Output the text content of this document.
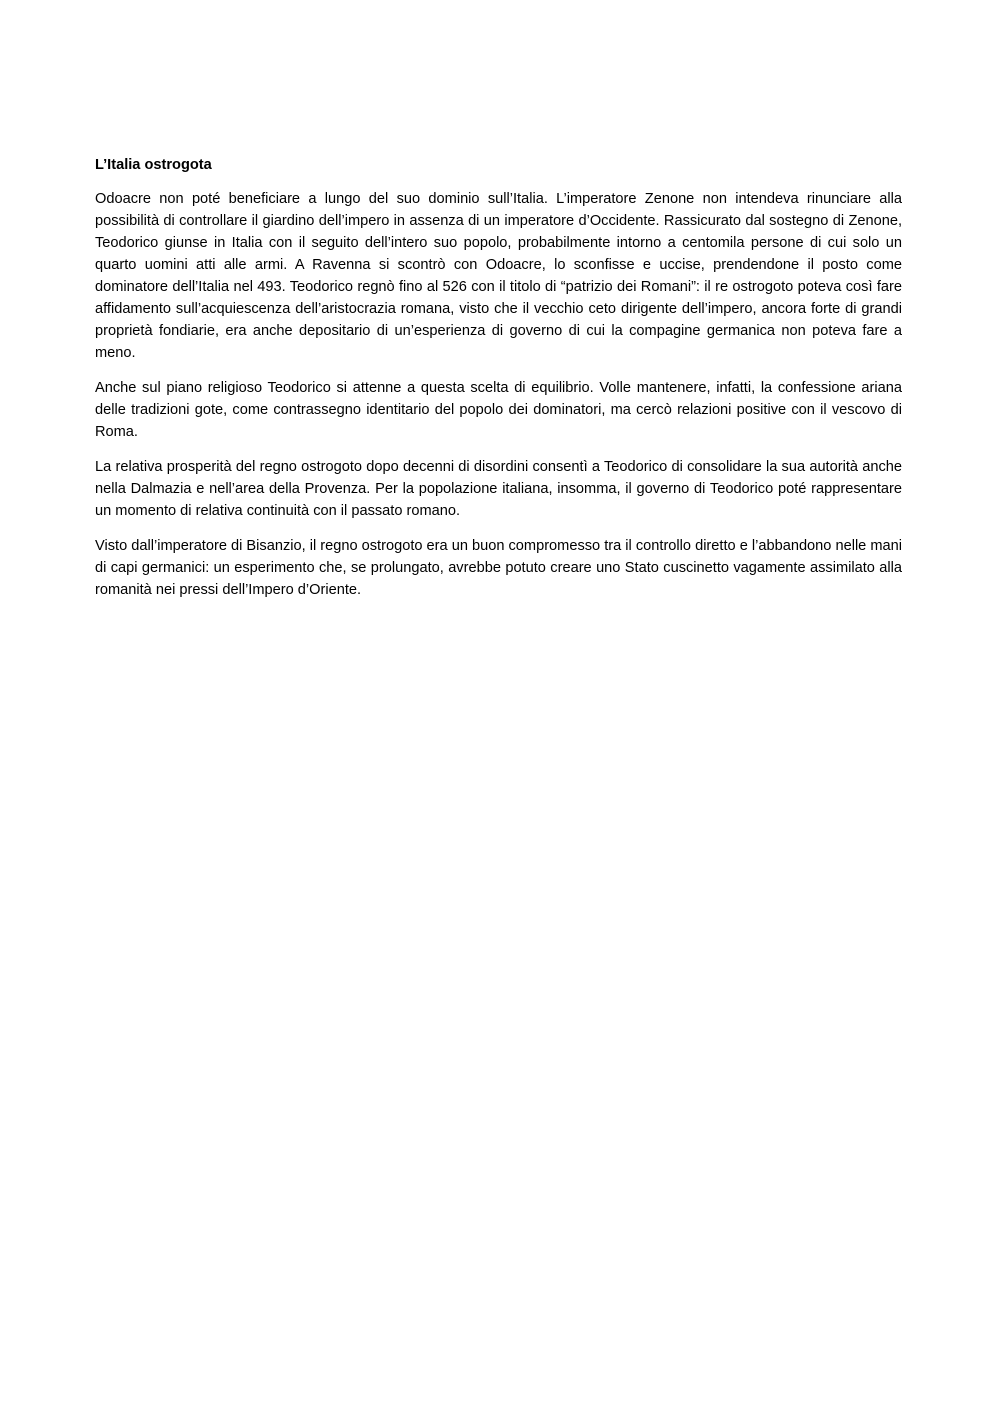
L’Italia ostrogota

Odoacre non poté beneficiare a lungo del suo dominio sull’Italia. L’imperatore Zenone non intendeva rinunciare alla possibilità di controllare il giardino dell’impero in assenza di un imperatore d’Occidente. Rassicurato dal sostegno di Zenone, Teodorico giunse in Italia con il seguito dell’intero suo popolo, probabilmente intorno a centomila persone di cui solo un quarto uomini atti alle armi. A Ravenna si scontrò con Odoacre, lo sconfisse e uccise, prendendone il posto come dominatore dell’Italia nel 493. Teodorico regnò fino al 526 con il titolo di “patrizio dei Romani”: il re ostrogoto poteva così fare affidamento sull’acquiescenza dell’aristocrazia romana, visto che il vecchio ceto dirigente dell’impero, ancora forte di grandi proprietà fondiarie, era anche depositario di un’esperienza di governo di cui la compagine germanica non poteva fare a meno.

Anche sul piano religioso Teodorico si attenne a questa scelta di equilibrio. Volle mantenere, infatti, la confessione ariana delle tradizioni gote, come contrassegno identitario del popolo dei dominatori, ma cercò relazioni positive con il vescovo di Roma.

La relativa prosperità del regno ostrogoto dopo decenni di disordini consentì a Teodorico di consolidare la sua autorità anche nella Dalmazia e nell’area della Provenza. Per la popolazione italiana, insomma, il governo di Teodorico poté rappresentare un momento di relativa continuità con il passato romano.

Visto dall’imperatore di Bisanzio, il regno ostrogoto era un buon compromesso tra il controllo diretto e l’abbandono nelle mani di capi germanici: un esperimento che, se prolungato, avrebbe potuto creare uno Stato cuscinetto vagamente assimilato alla romanità nei pressi dell’Impero d’Oriente.
